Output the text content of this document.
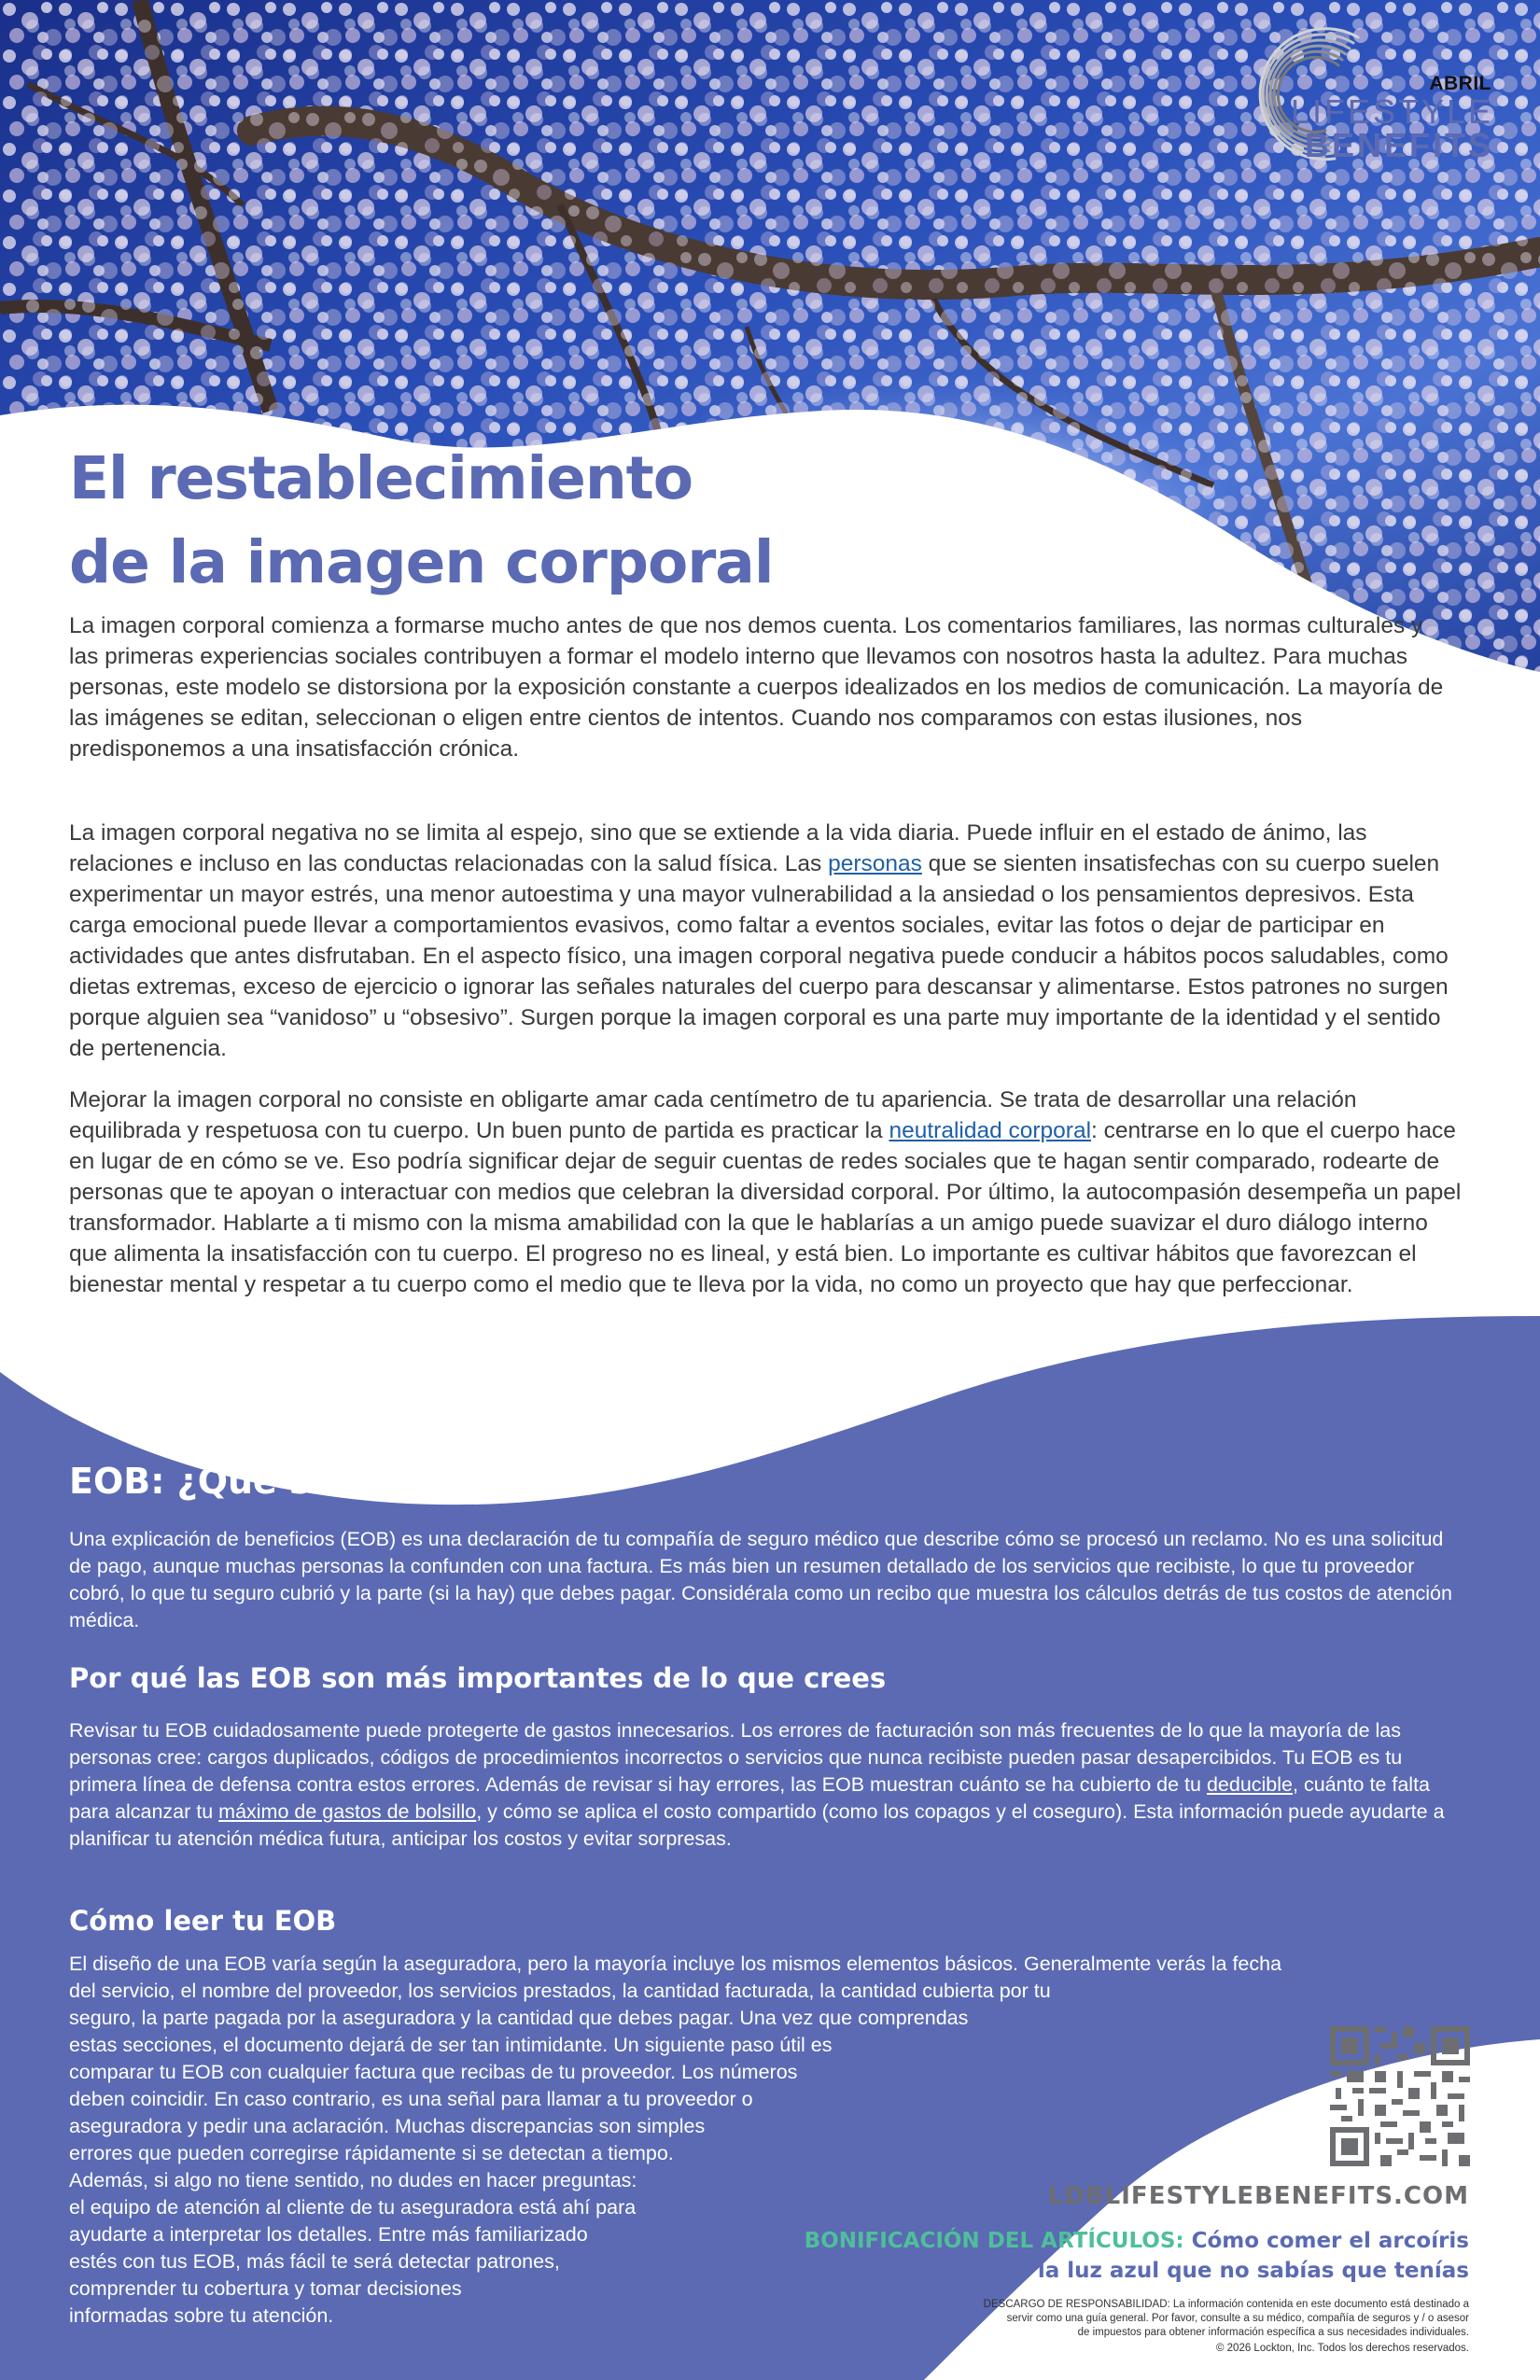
ABRIL
LIFESTYLE
BENEFITS
El restablecimiento
de la imagen corporal

La imagen corporal comienza a formarse mucho antes de que nos demos cuenta. Los comentarios familiares, las normas culturales y las primeras experiencias sociales contribuyen a formar el modelo interno que llevamos con nosotros hasta la adultez. Para muchas personas, este modelo se distorsiona por la exposición constante a cuerpos idealizados en los medios de comunicación. La mayoría de las imágenes se editan, seleccionan o eligen entre cientos de intentos. Cuando nos comparamos con estas ilusiones, nos predisponemos a una insatisfacción crónica.

La imagen corporal negativa no se limita al espejo, sino que se extiende a la vida diaria. Puede influir en el estado de ánimo, las relaciones e incluso en las conductas relacionadas con la salud física. Las personas que se sienten insatisfechas con su cuerpo suelen experimentar un mayor estrés, una menor autoestima y una mayor vulnerabilidad a la ansiedad o los pensamientos depresivos. Esta carga emocional puede llevar a comportamientos evasivos, como faltar a eventos sociales, evitar las fotos o dejar de participar en actividades que antes disfrutaban. En el aspecto físico, una imagen corporal negativa puede conducir a hábitos pocos saludables, como dietas extremas, exceso de ejercicio o ignorar las señales naturales del cuerpo para descansar y alimentarse. Estos patrones no surgen porque alguien sea “vanidoso” u “obsesivo”. Surgen porque la imagen corporal es una parte muy importante de la identidad y el sentido de pertenencia.

Mejorar la imagen corporal no consiste en obligarte amar cada centímetro de tu apariencia. Se trata de desarrollar una relación equilibrada y respetuosa con tu cuerpo. Un buen punto de partida es practicar la neutralidad corporal: centrarse en lo que el cuerpo hace en lugar de en cómo se ve. Eso podría significar dejar de seguir cuentas de redes sociales que te hagan sentir comparado, rodearte de personas que te apoyan o interactuar con medios que celebran la diversidad corporal. Por último, la autocompasión desempeña un papel transformador. Hablarte a ti mismo con la misma amabilidad con la que le hablarías a un amigo puede suavizar el duro diálogo interno que alimenta la insatisfacción con tu cuerpo. El progreso no es lineal, y está bien. Lo importante es cultivar hábitos que favorezcan el bienestar mental y respetar a tu cuerpo como el medio que te lleva por la vida, no como un proyecto que hay que perfeccionar.

EOB: ¿Qué son?

Una explicación de beneficios (EOB) es una declaración de tu compañía de seguro médico que describe cómo se procesó un reclamo. No es una solicitud de pago, aunque muchas personas la confunden con una factura. Es más bien un resumen detallado de los servicios que recibiste, lo que tu proveedor cobró, lo que tu seguro cubrió y la parte (si la hay) que debes pagar. Considérala como un recibo que muestra los cálculos detrás de tus costos de atención médica.

Por qué las EOB son más importantes de lo que crees

Revisar tu EOB cuidadosamente puede protegerte de gastos innecesarios. Los errores de facturación son más frecuentes de lo que la mayoría de las personas cree: cargos duplicados, códigos de procedimientos incorrectos o servicios que nunca recibiste pueden pasar desapercibidos. Tu EOB es tu primera línea de defensa contra estos errores. Además de revisar si hay errores, las EOB muestran cuánto se ha cubierto de tu deducible, cuánto te falta para alcanzar tu máximo de gastos de bolsillo, y cómo se aplica el costo compartido (como los copagos y el coseguro). Esta información puede ayudarte a planificar tu atención médica futura, anticipar los costos y evitar sorpresas.

Cómo leer tu EOB
El diseño de una EOB varía según la aseguradora, pero la mayoría incluye los mismos elementos básicos. Generalmente verás la fecha
del servicio, el nombre del proveedor, los servicios prestados, la cantidad facturada, la cantidad cubierta por tu
seguro, la parte pagada por la aseguradora y la cantidad que debes pagar. Una vez que comprendas
estas secciones, el documento dejará de ser tan intimidante. Un siguiente paso útil es
comparar tu EOB con cualquier factura que recibas de tu proveedor. Los números
deben coincidir. En caso contrario, es una señal para llamar a tu proveedor o
aseguradora y pedir una aclaración. Muchas discrepancias son simples
errores que pueden corregirse rápidamente si se detectan a tiempo.
Además, si algo no tiene sentido, no dudes en hacer preguntas:
el equipo de atención al cliente de tu aseguradora está ahí para
ayudarte a interpretar los detalles. Entre más familiarizado
estés con tus EOB, más fácil te será detectar patrones,
comprender tu cobertura y tomar decisiones
informadas sobre tu atención.
LDBLIFESTYLEBENEFITS.COM
BONIFICACIÓN DEL ARTÍCULOS: Cómo comer el arcoíris
and El problema de la luz azul que no sabías que tenías
DESCARGO DE RESPONSABILIDAD: La información contenida en este documento está destinado a
servir como una guía general. Por favor, consulte a su médico, compañía de seguros y / o asesor
de impuestos para obtener información específica a sus necesidades individuales.
© 2026 Lockton, Inc. Todos los derechos reservados.
